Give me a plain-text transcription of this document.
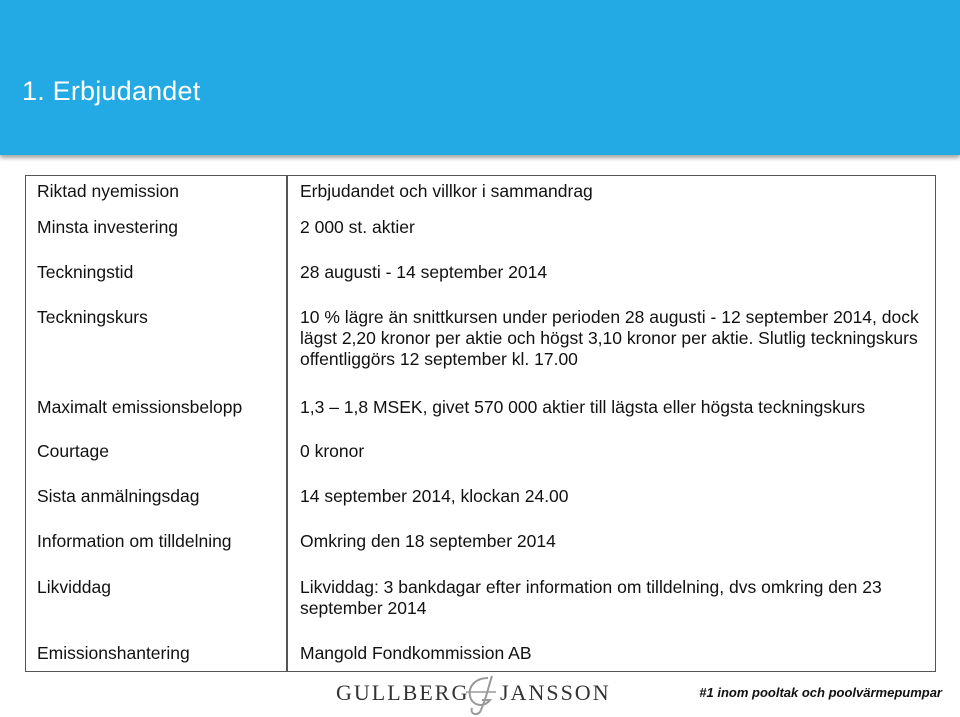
1. Erbjudandet
Riktad nyemission	Erbjudandet och villkor i sammandrag
Minsta investering	2 000 st. aktier
Teckningstid	28 augusti - 14 september 2014
Teckningskurs	10 % lägre än snittkursen under perioden 28 augusti - 12 september 2014, dock lägst 2,20 kronor per aktie och högst 3,10 kronor per aktie. Slutlig teckningskurs offentliggörs 12 september kl. 17.00
Maximalt emissionsbelopp	1,3 – 1,8 MSEK, givet 570 000 aktier till lägsta eller högsta teckningskurs
Courtage	0 kronor
Sista anmälningsdag	14 september 2014, klockan 24.00
Information om tilldelning	Omkring den 18 september 2014
Likviddag	Likviddag: 3 bankdagar efter information om tilldelning, dvs omkring den 23 september 2014
Emissionshantering	Mangold Fondkommission AB
GULLBERG JANSSON	#1 inom pooltak och poolvärmepumpar
